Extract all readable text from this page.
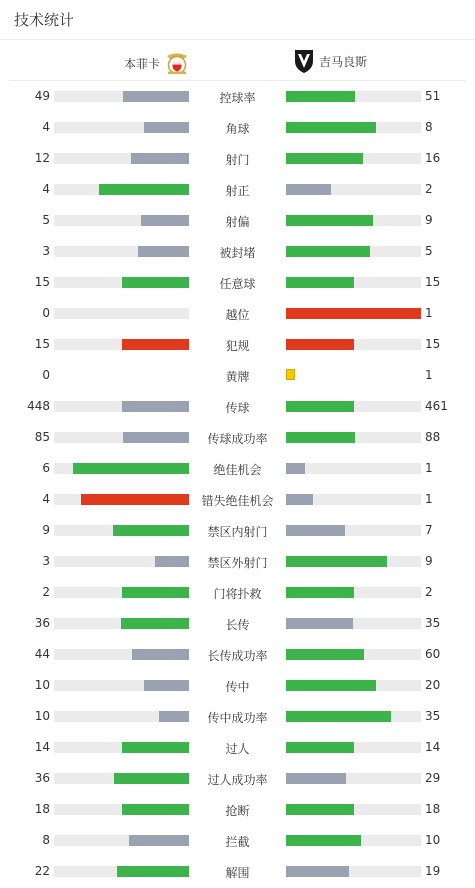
技术统计
本菲卡	吉马良斯
49	控球率	51
4	角球	8
12	射门	16
4	射正	2
5	射偏	9
3	被封堵	5
15	任意球	15
0	越位	1
15	犯规	15
0	黄牌	1
448	传球	461
85	传球成功率	88
6	绝佳机会	1
4	错失绝佳机会	1
9	禁区内射门	7
3	禁区外射门	9
2	门将扑救	2
36	长传	35
44	长传成功率	60
10	传中	20
10	传中成功率	35
14	过人	14
36	过人成功率	29
18	抢断	18
8	拦截	10
22	解围	19
